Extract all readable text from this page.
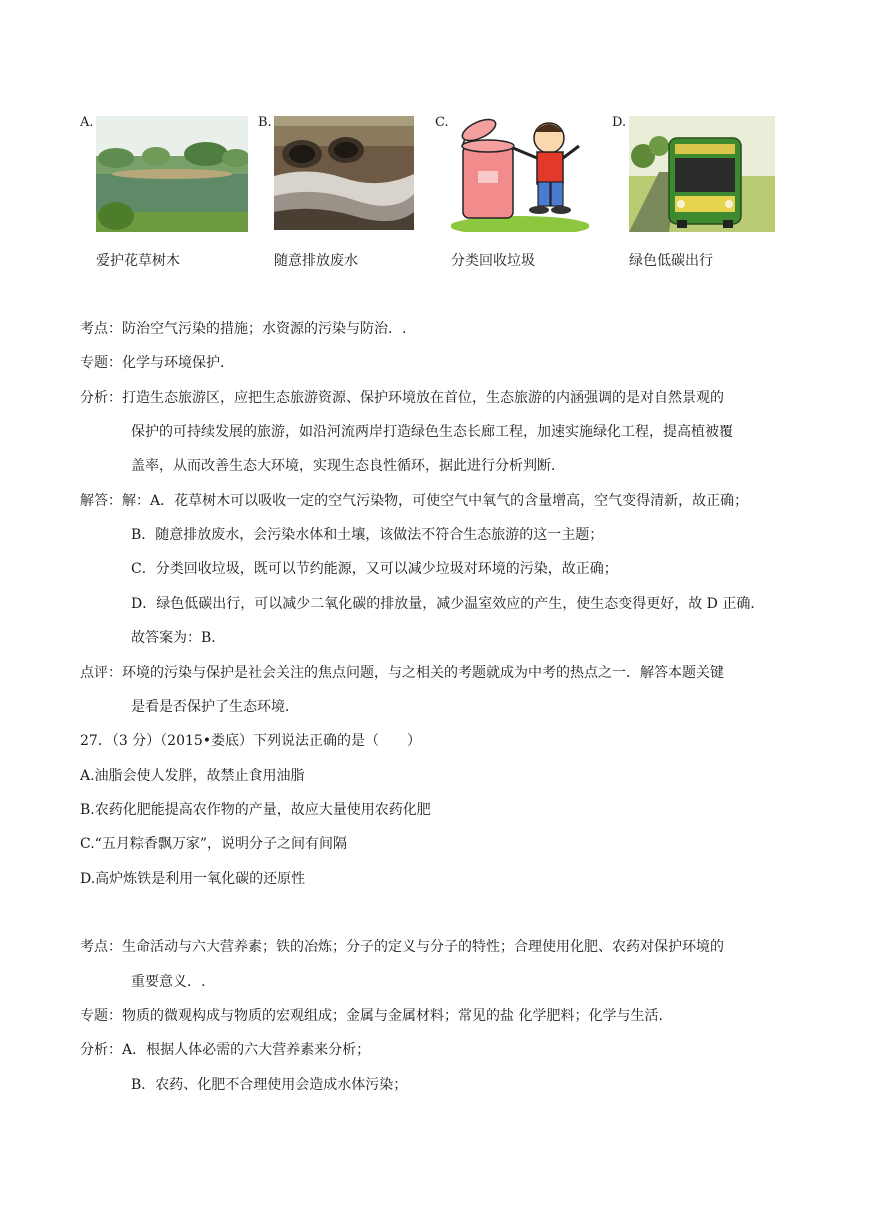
A.	B.	C.	D.
爱护花草树木	随意排放废水	分类回收垃圾	绿色低碳出行
考点：防治空气污染的措施；水资源的污染与防治．.
专题：化学与环境保护．
分析：打造生态旅游区，应把生态旅游资源、保护环境放在首位，生态旅游的内涵强调的是对自然景观的
保护的可持续发展的旅游，如沿河流两岸打造绿色生态长廊工程，加速实施绿化工程，提高植被覆
盖率，从而改善生态大环境，实现生态良性循环，据此进行分析判断．
解答：解：A．花草树木可以吸收一定的空气污染物，可使空气中氧气的含量增高，空气变得清新，故正确；
B．随意排放废水，会污染水体和土壤，该做法不符合生态旅游的这一主题；
C．分类回收垃圾，既可以节约能源，又可以减少垃圾对环境的污染，故正确；
D．绿色低碳出行，可以减少二氧化碳的排放量，减少温室效应的产生，使生态变得更好，故 D 正确．
故答案为：B．
点评：环境的污染与保护是社会关注的焦点问题，与之相关的考题就成为中考的热点之一．解答本题关键
是看是否保护了生态环境．
27．（3 分）（2015•娄底）下列说法正确的是（　　）
A.油脂会使人发胖，故禁止食用油脂
B.农药化肥能提高农作物的产量，故应大量使用农药化肥
C.“五月粽香飘万家”，说明分子之间有间隔
D.高炉炼铁是利用一氧化碳的还原性
考点：生命活动与六大营养素；铁的冶炼；分子的定义与分子的特性；合理使用化肥、农药对保护环境的
重要意义．.
专题：物质的微观构成与物质的宏观组成；金属与金属材料；常见的盐 化学肥料；化学与生活．
分析：A．根据人体必需的六大营养素来分析；
B．农药、化肥不合理使用会造成水体污染；
